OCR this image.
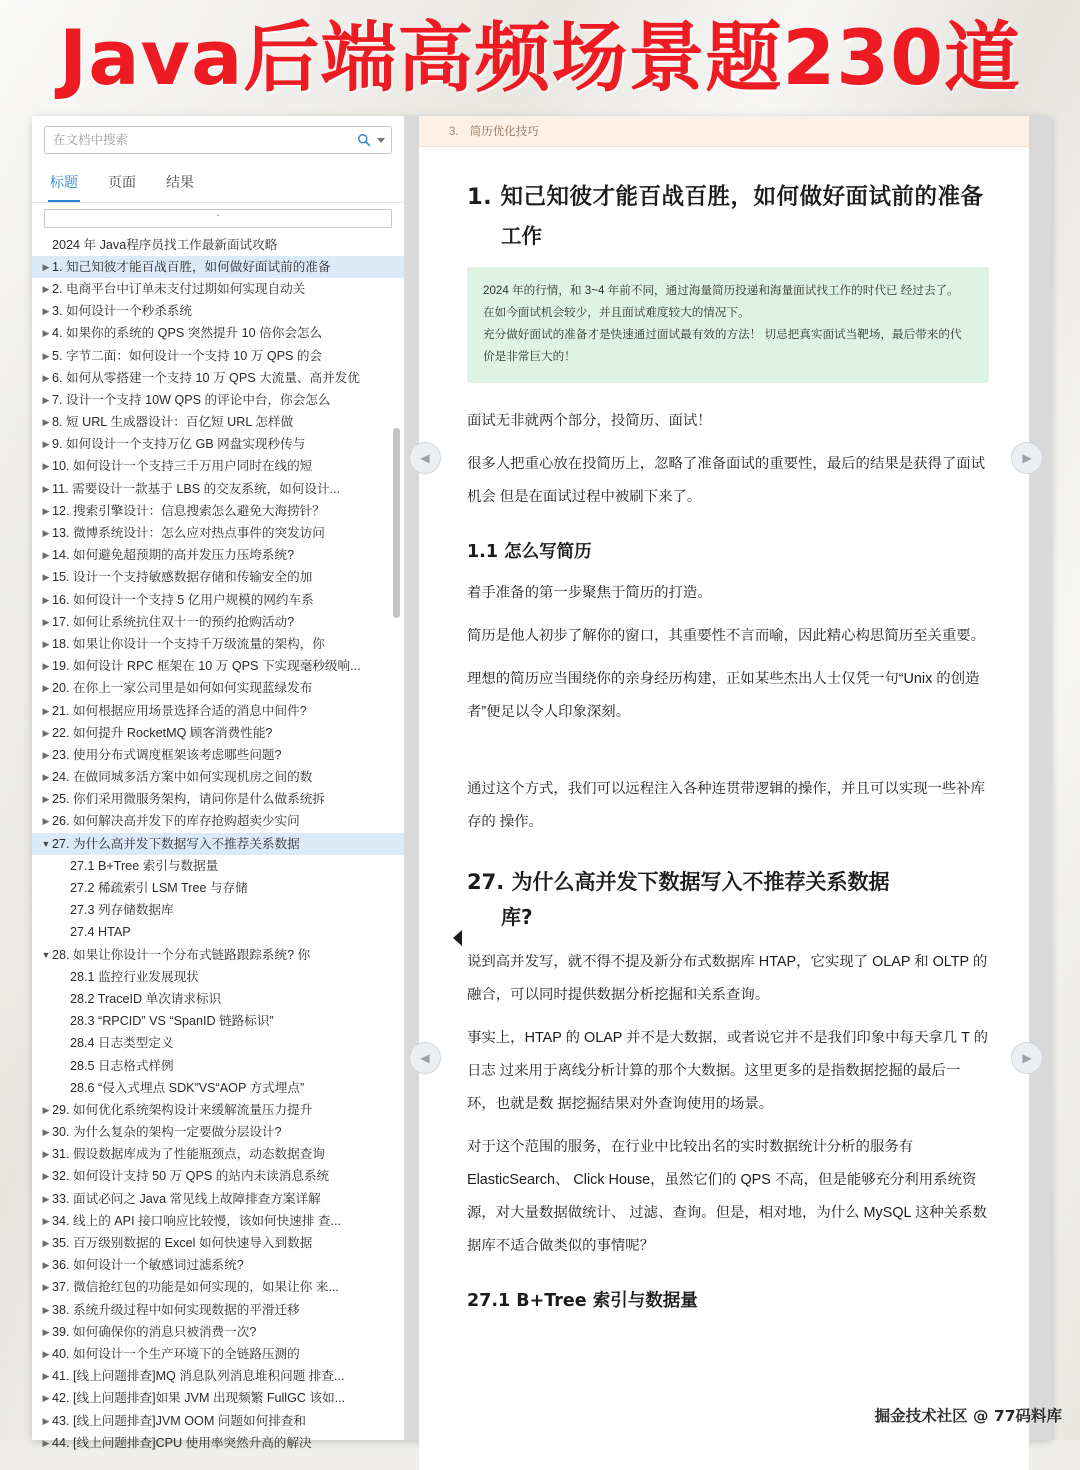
Java后端高频场景题230道
在文档中搜索
标题 页面 结果
·
2024 年 Java程序员找工作最新面试攻略
▶ 1. 知己知彼才能百战百胜，如何做好面试前的准备
▶ 2. 电商平台中订单未支付过期如何实现自动关
▶ 3. 如何设计一个秒杀系统
▶ 4. 如果你的系统的 QPS 突然提升 10 倍你会怎么
▶ 5. 字节二面：如何设计一个支持 10 万 QPS 的会
▶ 6. 如何从零搭建一个支持 10 万 QPS 大流量、高并发优
▶ 7. 设计一个支持 10W QPS 的评论中台，你会怎么
▶ 8. 短 URL 生成器设计：百亿短 URL 怎样做
▶ 9. 如何设计一个支持万亿 GB 网盘实现秒传与
▶ 10. 如何设计一个支持三千万用户同时在线的短
▶ 11. 需要设计一款基于 LBS 的交友系统，如何设计...
▶ 12. 搜索引擎设计：信息搜索怎么避免大海捞针？
▶ 13. 微博系统设计：怎么应对热点事件的突发访问
▶ 14. 如何避免超预期的高并发压力压垮系统?
▶ 15. 设计一个支持敏感数据存储和传输安全的加
▶ 16. 如何设计一个支持 5 亿用户规模的网约车系
▶ 17. 如何让系统抗住双十一的预约抢购活动?
▶ 18. 如果让你设计一个支持千万级流量的架构，你
▶ 19. 如何设计 RPC 框架在 10 万 QPS 下实现毫秒级响...
▶ 20. 在你上一家公司里是如何如何实现蓝绿发布
▶ 21. 如何根据应用场景选择合适的消息中间件?
▶ 22. 如何提升 RocketMQ 顾客消费性能?
▶ 23. 使用分布式调度框架该考虑哪些问题?
▶ 24. 在做同城多活方案中如何实现机房之间的数
▶ 25. 你们采用微服务架构，请问你是什么做系统拆
▶ 26. 如何解决高并发下的库存抢购超卖少实问
▼ 27. 为什么高并发下数据写入不推荐关系数据
27.1 B+Tree 索引与数据量
27.2 稀疏索引 LSM Tree 与存储
27.3 列存储数据库
27.4 HTAP
▼ 28. 如果让你设计一个分布式链路跟踪系统? 你
28.1 监控行业发展现状
28.2 TraceID 单次请求标识
28.3 “RPCID” VS “SpanID 链路标识”
28.4 日志类型定义
28.5 日志格式样例
28.6 “侵入式埋点 SDK”VS“AOP 方式埋点”
▶ 29. 如何优化系统架构设计来缓解流量压力提升
▶ 30. 为什么复杂的架构一定要做分层设计?
▶ 31. 假设数据库成为了性能瓶颈点，动态数据查询
▶ 32. 如何设计支持 50 万 QPS 的站内未读消息系统
▶ 33. 面试必问之 Java 常见线上故障排查方案详解
▶ 34. 线上的 API 接口响应比较慢，该如何快速排 查...
▶ 35. 百万级别数据的 Excel 如何快速导入到数据
▶ 36. 如何设计一个敏感词过滤系统?
▶ 37. 微信抢红包的功能是如何实现的，如果让你 来...
▶ 38. 系统升级过程中如何实现数据的平滑迁移
▶ 39. 如何确保你的消息只被消费一次?
▶ 40. 如何设计一个生产环境下的全链路压测的
▶ 41. [线上问题排查]MQ 消息队列消息堆积问题 排查...
▶ 42. [线上问题排查]如果 JVM 出现频繁 FullGC 该如...
▶ 43. [线上问题排查]JVM OOM 问题如何排查和
▶ 44. [线上问题排查]CPU 使用率突然升高的解决
3. 简历优化技巧
1. 知己知彼才能百战百胜，如何做好面试前的准备
工作
2024 年的行情，和 3~4 年前不同，通过海量简历投递和海量面试找工作的时代已 经过去了。
在如今面试机会较少，并且面试难度较大的情况下。
充分做好面试的准备才是快速通过面试最有效的方法！ 切忌把真实面试当靶场，最后带来的代价是非常巨大的！

面试无非就两个部分，投简历、面试！

很多人把重心放在投简历上，忽略了准备面试的重要性，最后的结果是获得了面试机会 但是在面试过程中被刷下来了。

1.1 怎么写简历

着手准备的第一步聚焦于简历的打造。

简历是他人初步了解你的窗口，其重要性不言而喻，因此精心构思简历至关重要。

理想的简历应当围绕你的亲身经历构建，正如某些杰出人士仅凭一句“Unix 的创造 者”便足以令人印象深刻。

通过这个方式，我们可以远程注入各种连贯带逻辑的操作，并且可以实现一些补库存的 操作。

27. 为什么高并发下数据写入不推荐关系数据
库?

说到高并发写，就不得不提及新分布式数据库 HTAP，它实现了 OLAP 和 OLTP 的融合，可以同时提供数据分析挖掘和关系查询。

事实上，HTAP 的 OLAP 并不是大数据，或者说它并不是我们印象中每天拿几 T 的日志 过来用于离线分析计算的那个大数据。这里更多的是指数据挖掘的最后一环，也就是数 据挖掘结果对外查询使用的场景。

对于这个范围的服务，在行业中比较出名的实时数据统计分析的服务有 ElasticSearch、 Click House，虽然它们的 QPS 不高，但是能够充分利用系统资源，对大量数据做统计、 过滤、查询。但是，相对地，为什么 MySQL 这种关系数据库不适合做类似的事情呢？

27.1 B+Tree 索引与数据量
◀	▶
◀	▶
掘金技术社区 @ 77码料库
